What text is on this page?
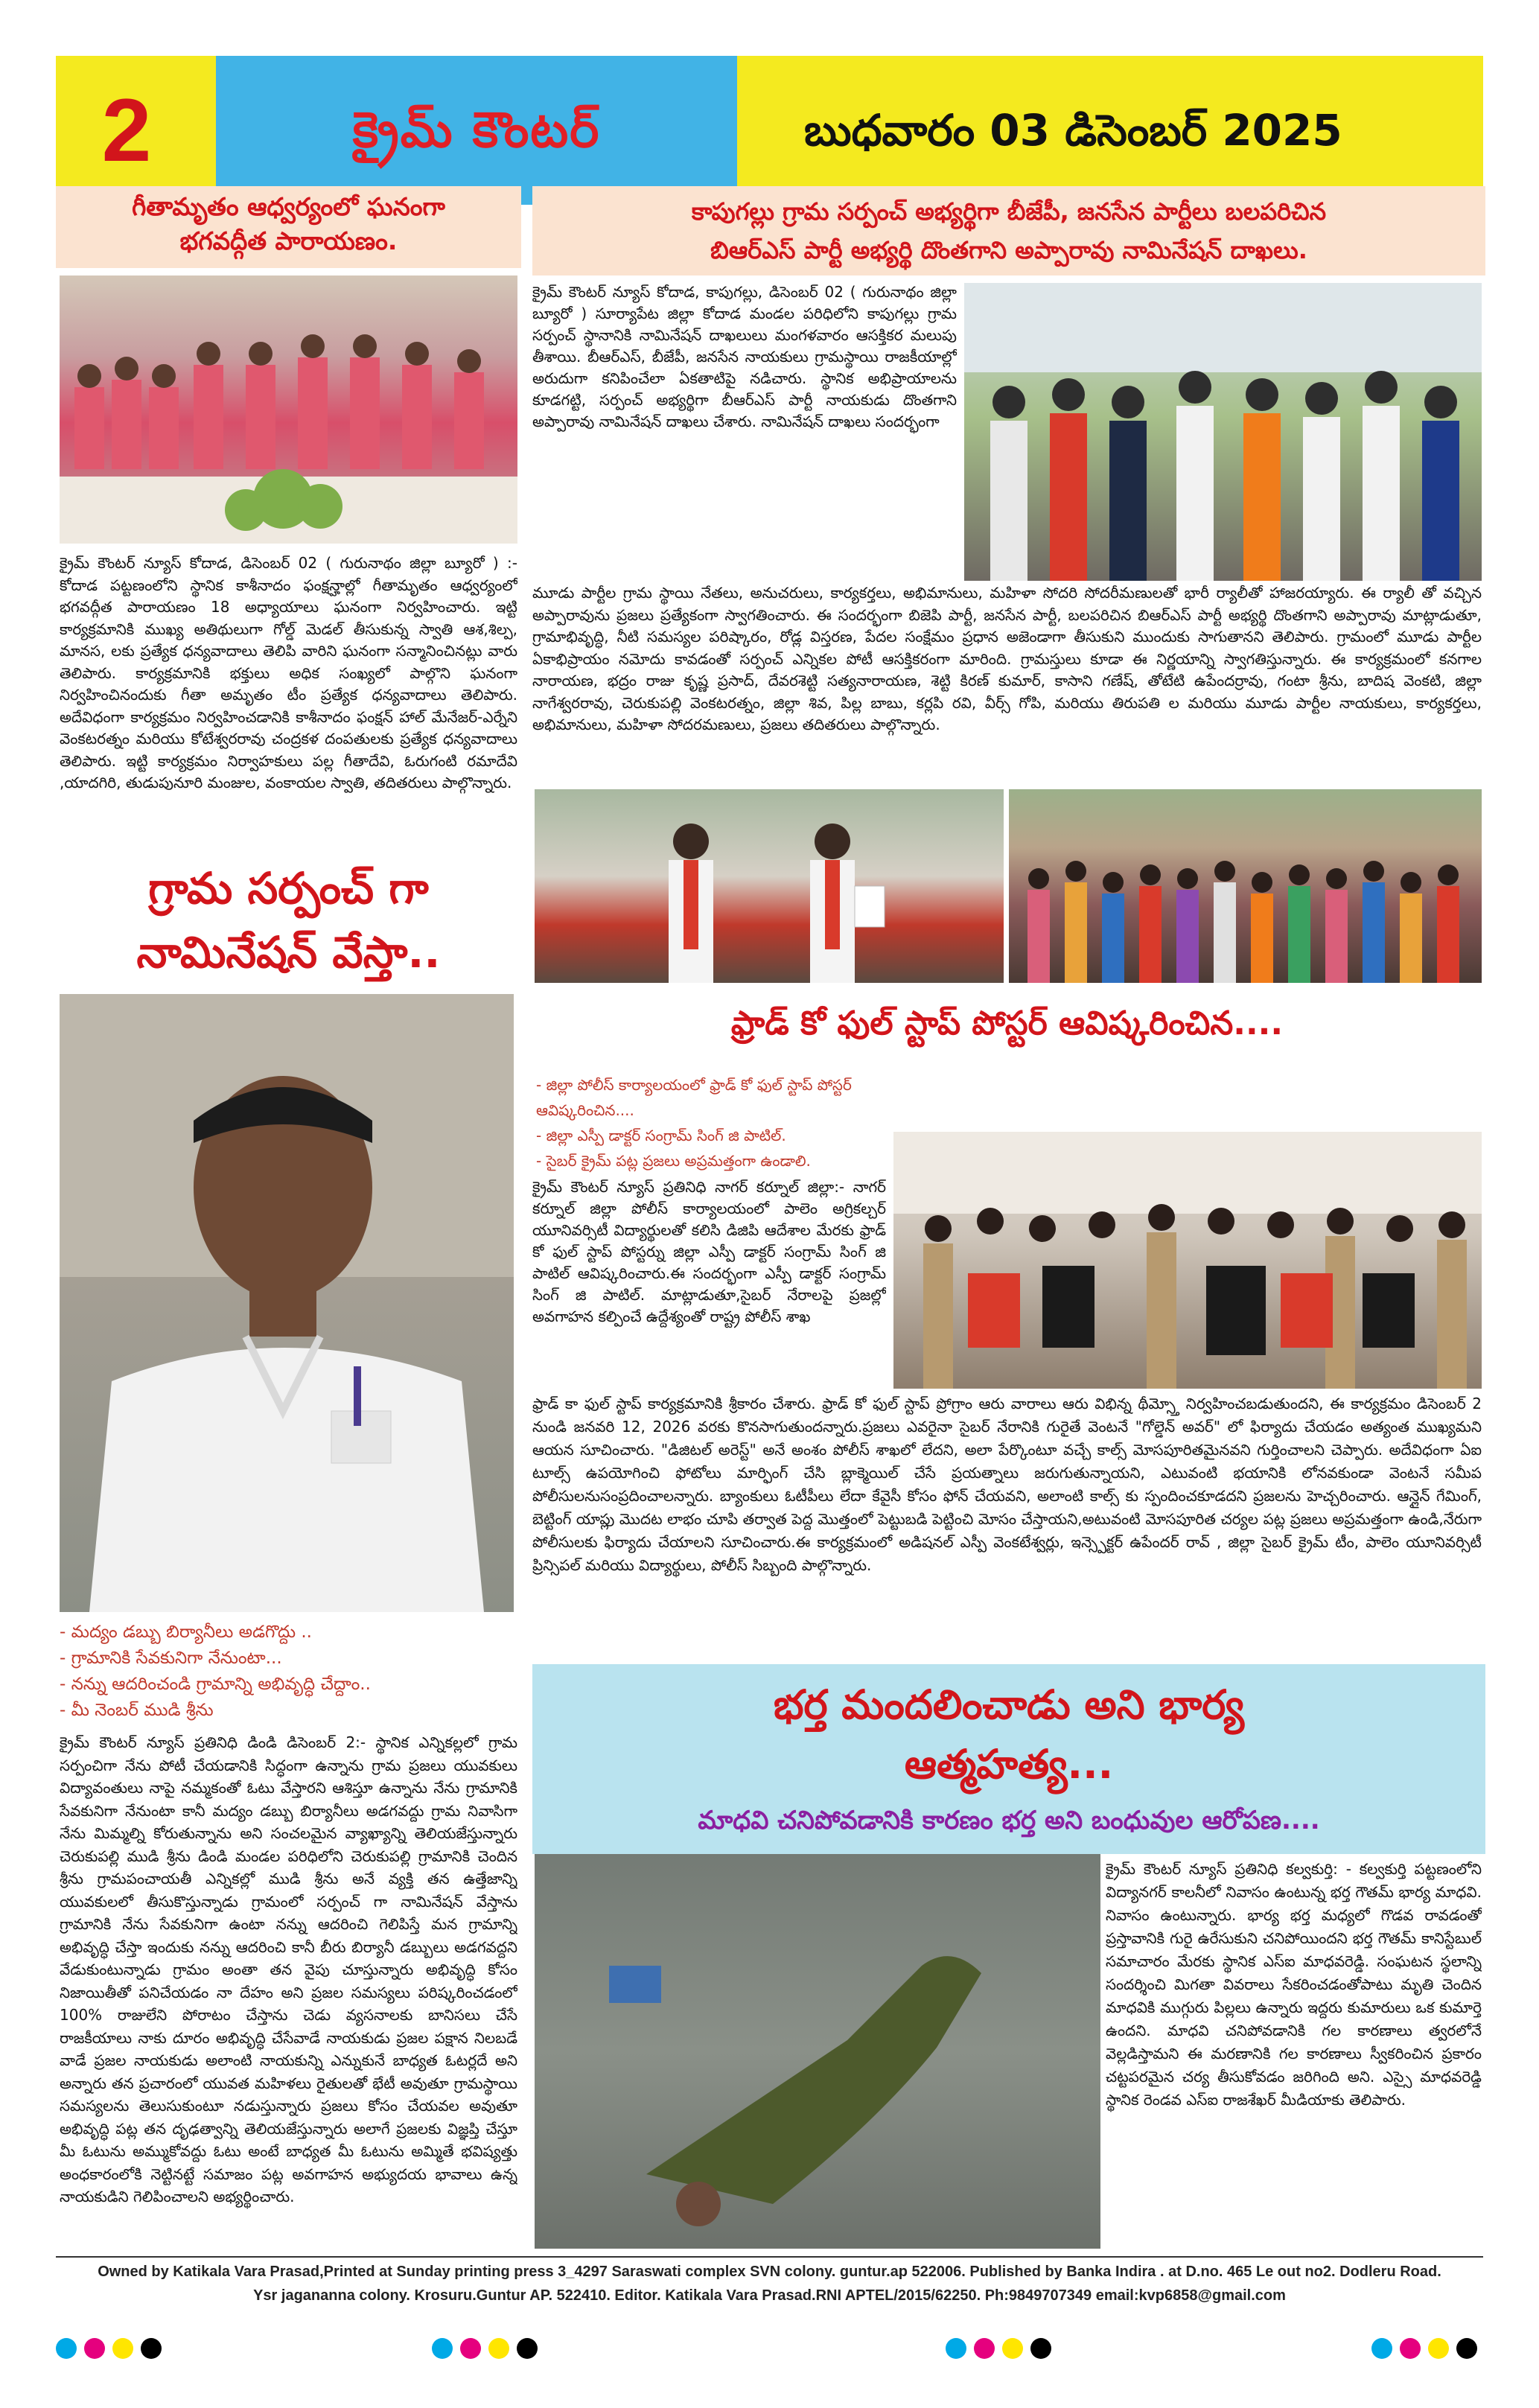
2	క్రైమ్ కౌంటర్	బుధవారం 03 డిసెంబర్ 2025
గీతామృతం ఆధ్వర్యంలో ఘనంగా
భగవద్గీత పారాయణం.
క్రైమ్ కౌంటర్ న్యూస్ కోదాడ, డిసెంబర్ 02 ( గురునాథం జిల్లా బ్యూరో ) :- కోదాడ పట్టణంలోని స్థానిక కాశీనాదం ఫంక్షన్హాల్లో గీతామృతం ఆధ్వర్యంలో భగవద్గీత పారాయణం 18 అధ్యాయాలు ఘనంగా నిర్వహించారు. ఇట్టి కార్యక్రమానికి ముఖ్య అతిథులుగా గోల్డ్ మెడల్ తీసుకున్న స్వాతి ఆశ,శిల్ప, మానస, లకు ప్రత్యేక ధన్యవాదాలు తెలిపి వారిని ఘనంగా సన్మానించినట్లు వారు తెలిపారు. కార్యక్రమానికి భక్తులు అధిక సంఖ్యలో పాల్గొని ఘనంగా నిర్వహించినందుకు గీతా అమృతం టీం ప్రత్యేక ధన్యవాదాలు తెలిపారు. అదేవిధంగా కార్యక్రమం నిర్వహించడానికి కాశీనాదం ఫంక్షన్ హాల్ మేనేజర్-ఎర్నేని వెంకటరత్నం మరియు కోటేశ్వరరావు చంద్రకళ దంపతులకు ప్రత్యేక ధన్యవాదాలు తెలిపారు. ఇట్టి కార్యక్రమం నిర్వాహకులు పల్ల గీతాదేవి, ఓరుగంటి రమాదేవి ,యాదగిరి, తుడుపునూరి మంజుల, వంకాయల స్వాతి, తదితరులు పాల్గొన్నారు.
గ్రామ సర్పంచ్ గా
నామినేషన్ వేస్తా..
- మద్యం డబ్బు బిర్యానీలు అడగొద్దు ..
- గ్రామానికి సేవకునిగా నేనుంటా...
- నన్ను ఆదరించండి గ్రామాన్ని అభివృద్ధి చేద్దాం..
- మీ నెంబర్ ముడి శ్రీను
క్రైమ్ కౌంటర్ న్యూస్ ప్రతినిధి డిండి డిసెంబర్ 2:- స్థానిక ఎన్నికల్లలో గ్రామ సర్పంచిగా నేను పోటీ చేయడానికి సిద్ధంగా ఉన్నాను గ్రామ ప్రజలు యువకులు విద్యావంతులు నాపై నమ్మకంతో ఓటు వేస్తారని ఆశిస్తూ ఉన్నాను నేను గ్రామానికి సేవకునిగా నేనుంటా కానీ మద్యం డబ్బు బిర్యానీలు అడగవద్దు గ్రామ నివాసిగా నేను మిమ్మల్ని కోరుతున్నాను అని సంచలమైన వ్యాఖ్యాన్ని తెలియజేస్తున్నారు చెరుకుపల్లి ముడి శ్రీను డిండి మండల పరిధిలోని చెరుకుపల్లి గ్రామానికి చెందిన శ్రీను గ్రామపంచాయతీ ఎన్నికల్లో ముడి శ్రీను అనే వ్యక్తి తన ఉత్తేజాన్ని యువకులలో తీసుకొస్తున్నాడు గ్రామంలో సర్పంచ్ గా నామినేషన్ వేస్తాను గ్రామానికి నేను సేవకునిగా ఉంటా నన్ను ఆదరించి గెలిపిస్తే మన గ్రామాన్ని అభివృద్ధి చేస్తా ఇందుకు నన్ను ఆదరించి కానీ బీరు బిర్యానీ డబ్బులు అడగవద్దని వేడుకుంటున్నాడు గ్రామం అంతా తన వైపు చూస్తున్నారు అభివృద్ధి కోసం నిజాయితీతో పనిచేయడం నా దేహం అని ప్రజల సమస్యలు పరిష్కరించడంలో 100% రాజులేని పోరాటం చేస్తాను చెడు వ్యసనాలకు బానిసలు చేసే రాజకీయాలు నాకు దూరం అభివృద్ధి చేసేవాడే నాయకుడు ప్రజల పక్షాన నిలబడే వాడే ప్రజల నాయకుడు అలాంటి నాయకున్ని ఎన్నుకునే బాధ్యత ఓటర్లదే అని అన్నారు తన ప్రచారంలో యువత మహిళలు రైతులతో భేటీ అవుతూ గ్రామస్థాయి సమస్యలను తెలుసుకుంటూ నడుస్తున్నారు ప్రజలు కోసం చేయవల అవుతూ అభివృద్ధి పట్ల తన దృఢత్వాన్ని తెలియజేస్తున్నారు అలాగే ప్రజలకు విజ్ఞప్తి చేస్తూ మీ ఓటును అమ్ముకోవద్దు ఓటు అంటే బాధ్యత మీ ఓటును అమ్మితే భవిష్యత్తు అంధకారంలోకి నెట్టినట్టే సమాజం పట్ల అవగాహన అభ్యుదయ భావాలు ఉన్న నాయకుడిని గెలిపించాలని అభ్యర్థించారు.
కాపుగల్లు గ్రామ సర్పంచ్ అభ్యర్థిగా బీజేపీ, జనసేన పార్టీలు బలపరిచిన
బిఆర్ఎస్ పార్టీ అభ్యర్థి దొంతగాని అప్పారావు నామినేషన్ దాఖలు.
క్రైమ్ కౌంటర్ న్యూస్ కోదాడ, కాపుగల్లు, డిసెంబర్ 02 ( గురునాథం జిల్లా బ్యూరో ) సూర్యాపేట జిల్లా కోదాడ మండల పరిధిలోని కాపుగల్లు గ్రామ సర్పంచ్ స్థానానికి నామినేషన్ దాఖలులు మంగళవారం ఆసక్తికర మలుపు తీశాయి. బీఆర్ఎస్, బీజేపీ, జనసేన నాయకులు గ్రామస్థాయి రాజకీయాల్లో అరుదుగా కనిపించేలా ఏకతాటిపై నడిచారు. స్థానిక అభిప్రాయాలను కూడగట్టి, సర్పంచ్ అభ్యర్థిగా బీఆర్ఎస్ పార్టీ నాయకుడు దొంతగాని అప్పారావు నామినేషన్ దాఖలు చేశారు. నామినేషన్ దాఖలు సందర్భంగా
మూడు పార్టీల గ్రామ స్థాయి నేతలు, అనుచరులు, కార్యకర్తలు, అభిమానులు, మహిళా సోదరి సోదరీమణులతో భారీ ర్యాలీతో హాజరయ్యారు. ఈ ర్యాలీ తో వచ్చిన అప్పారావును ప్రజలు ప్రత్యేకంగా స్వాగతించారు. ఈ సందర్భంగా బిజెపి పార్టీ, జనసేన పార్టీ, బలపరిచిన బిఆర్ఎస్ పార్టీ అభ్యర్థి దొంతగాని అప్పారావు మాట్లాడుతూ, గ్రామాభివృద్ధి, నీటి సమస్యల పరిష్కారం, రోడ్ల విస్తరణ, పేదల సంక్షేమం ప్రధాన అజెండాగా తీసుకుని ముందుకు సాగుతానని తెలిపారు. గ్రామంలో మూడు పార్టీల ఏకాభిప్రాయం నమోదు కావడంతో సర్పంచ్ ఎన్నికల పోటీ ఆసక్తికరంగా మారింది. గ్రామస్తులు కూడా ఈ నిర్ణయాన్ని స్వాగతిస్తున్నారు. ఈ కార్యక్రమంలో కనగాల నారాయణ, భద్రం రాజు కృష్ణ ప్రసాద్, దేవరశెట్టి సత్యనారాయణ, శెట్టి కిరణ్ కుమార్, కాసాని గణేష్, తోటేటి ఉపేందర్రావు, గంటా శ్రీను, బాదిష వెంకటి, జిల్లా నాగేశ్వరరావు, చెరుకుపల్లి వెంకటరత్నం, జిల్లా శివ, పిల్ల బాబు, కర్లపి రవి, వీర్స్ గోపి, మరియు తిరుపతి ల మరియు మూడు పార్టీల నాయకులు, కార్యకర్తలు, అభిమానులు, మహిళా సోదరమణులు, ప్రజలు తదితరులు పాల్గొన్నారు.
ఫ్రాడ్ కో ఫుల్ స్టాప్ పోస్టర్ ఆవిష్కరించిన....
- జిల్లా పోలీస్ కార్యాలయంలో ఫ్రాడ్ కో ఫుల్ స్టాప్ పోస్టర్ ఆవిష్కరించిన....
- జిల్లా ఎస్పీ డాక్టర్ సంగ్రామ్ సింగ్ జి పాటిల్.
- సైబర్ క్రైమ్ పట్ల ప్రజలు అప్రమత్తంగా ఉండాలి.
క్రైమ్ కౌంటర్ న్యూస్ ప్రతినిధి నాగర్ కర్నూల్ జిల్లా:- నాగర్ కర్నూల్ జిల్లా పోలీస్ కార్యాలయంలో పాలెం అగ్రికల్చర్ యూనివర్సిటీ విద్యార్థులతో కలిసి డిజిపి ఆదేశాల మేరకు ఫ్రాడ్ కో ఫుల్ స్టాప్ పోస్టర్ను జిల్లా ఎస్పీ డాక్టర్ సంగ్రామ్ సింగ్ జి పాటిల్ ఆవిష్కరించారు.ఈ సందర్భంగా ఎస్పీ డాక్టర్ సంగ్రామ్ సింగ్ జి పాటిల్. మాట్లాడుతూ,సైబర్ నేరాలపై ప్రజల్లో అవగాహన కల్పించే ఉద్దేశ్యంతో రాష్ట్ర పోలీస్ శాఖ
ఫ్రాడ్ కా ఫుల్ స్టాప్ కార్యక్రమానికి శ్రీకారం చేశారు. ఫ్రాడ్ కో ఫుల్ స్టాప్ ప్రోగ్రాం ఆరు వారాలు ఆరు విభిన్న థీమ్స్తో నిర్వహించబడుతుందని, ఈ కార్యక్రమం డిసెంబర్ 2 నుండి జనవరి 12, 2026 వరకు కొనసాగుతుందన్నారు.ప్రజలు ఎవరైనా సైబర్ నేరానికి గురైతే వెంటనే "గోల్డెన్ అవర్" లో ఫిర్యాదు చేయడం అత్యంత ముఖ్యమని ఆయన సూచించారు. "డిజిటల్ అరెస్ట్" అనే అంశం పోలీస్ శాఖలో లేదని, అలా పేర్కొంటూ వచ్చే కాల్స్ మోసపూరితమైనవని గుర్తించాలని చెప్పారు. అదేవిధంగా ఏఐ టూల్స్ ఉపయోగించి ఫోటోలు మార్ఫింగ్ చేసి బ్లాక్మెయిల్ చేసే ప్రయత్నాలు జరుగుతున్నాయని, ఎటువంటి భయానికి లోనవకుండా వెంటనే సమీప పోలీసులనుసంప్రదించాలన్నారు. బ్యాంకులు ఓటీపీలు లేదా కేవైసీ కోసం ఫోన్ చేయవని, అలాంటి కాల్స్ కు స్పందించకూడదని ప్రజలను హెచ్చరించారు. ఆన్లైన్ గేమింగ్, బెట్టింగ్ యాప్లు మొదట లాభం చూపి తర్వాత పెద్ద మొత్తంలో పెట్టుబడి పెట్టించి మోసం చేస్తాయని,అటువంటి మోసపూరిత చర్యల పట్ల ప్రజలు అప్రమత్తంగా ఉండి,నేరుగా పోలీసులకు ఫిర్యాదు చేయాలని సూచించారు.ఈ కార్యక్రమంలో అడిషనల్ ఎస్పీ వెంకటేశ్వర్లు, ఇన్స్పెక్టర్ ఉపేందర్ రావ్ , జిల్లా సైబర్ క్రైమ్ టీం, పాలెం యూనివర్సిటీ ప్రిన్సిపల్ మరియు విద్యార్థులు, పోలీస్ సిబ్బంది పాల్గొన్నారు.
భర్త మందలించాడు అని భార్య
ఆత్మహత్య...
మాధవి చనిపోవడానికి కారణం భర్త అని బంధువుల ఆరోపణ....
క్రైమ్ కౌంటర్ న్యూస్ ప్రతినిధి కల్వకుర్తి: - కల్వకుర్తి పట్టణంలోని విద్యానగర్ కాలనీలో నివాసం ఉంటున్న భర్త గౌతమ్ భార్య మాధవి. నివాసం ఉంటున్నారు. భార్య భర్త మధ్యలో గొడవ రావడంతో ప్రస్తావానికి గురై ఉరేసుకుని చనిపోయిందని భర్త గౌతమ్ కానిస్టేబుల్ సమాచారం మేరకు స్థానిక ఎస్ఐ మాధవరెడ్డి. సంఘటన స్థలాన్ని సందర్శించి మిగతా వివరాలు సేకరించడంతోపాటు మృతి చెందిన మాధవికి ముగ్గురు పిల్లలు ఉన్నారు ఇద్దరు కుమారులు ఒక కుమార్తె ఉందని. మాధవి చనిపోవడానికి గల కారణాలు త్వరలోనే వెల్లడిస్తామని ఈ మరణానికి గల కారణాలు స్వీకరించిన ప్రకారం చట్టపరమైన చర్య తీసుకోవడం జరిగింది అని. ఎస్సై మాధవరెడ్డి స్థానిక రెండవ ఎస్ఐ రాజశేఖర్ మీడియాకు తెలిపారు.
Owned by Katikala Vara Prasad,Printed at Sunday printing press 3_4297 Saraswati complex SVN colony. guntur.ap 522006. Published by Banka Indira . at D.no. 465 Le out no2. Dodleru Road.
Ysr jagananna colony. Krosuru.Guntur AP. 522410. Editor. Katikala Vara Prasad.RNI APTEL/2015/62250. Ph:9849707349 email:kvp6858@gmail.com
